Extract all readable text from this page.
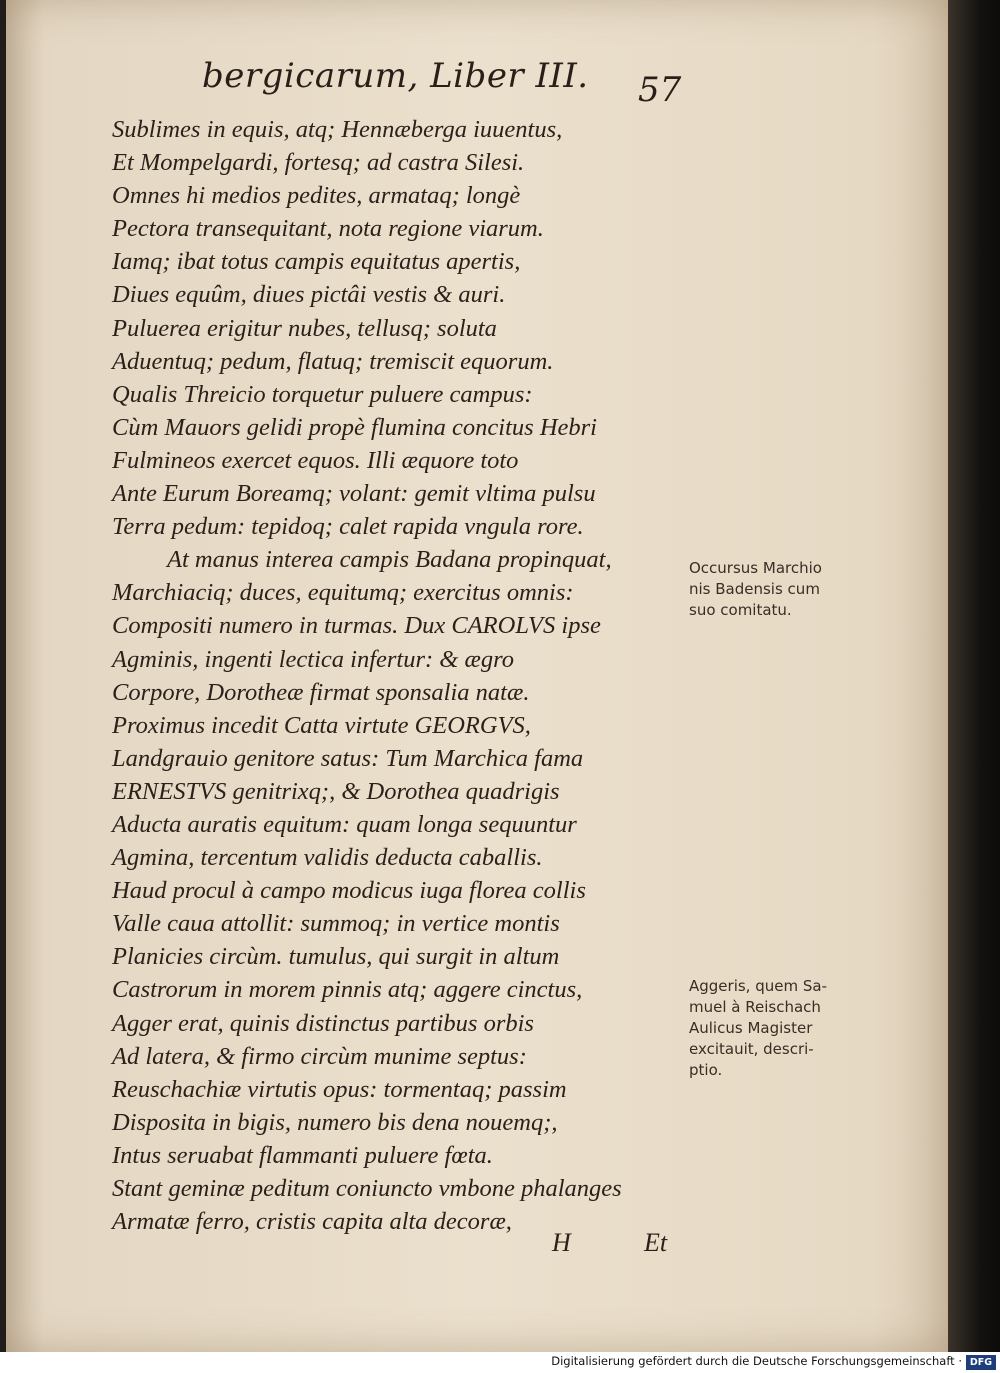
bergicarum, Liber III. 57
Sublimes in equis, atq; Hennæberga iuuentus,
Et Mompelgardi, fortesq; ad castra Silesi.
Omnes hi medios pedites, armataq; longè
Pectora transequitant, nota regione viarum.
Iamq; ibat totus campis equitatus apertis,
Diues equûm, diues pictâi vestis & auri.
Puluerea erigitur nubes, tellusq; soluta
Aduentuq; pedum, flatuq; tremiscit equorum.
Qualis Threicio torquetur puluere campus:
Cùm Mauors gelidi propè flumina concitus Hebri
Fulmineos exercet equos. Illi æquore toto
Ante Eurum Boreamq; volant: gemit vltima pulsu
Terra pedum: tepidoq; calet rapida vngula rore.
At manus interea campis Badana propinquat,
Marchiaciq; duces, equitumq; exercitus omnis:
Compositi numero in turmas. Dux CAROLVS ipse
Agminis, ingenti lectica infertur: & ægro
Corpore, Dorotheæ firmat sponsalia natæ.
Proximus incedit Catta virtute GEORGVS,
Landgrauio genitore satus: Tum Marchica fama
ERNESTVS genitrixq;, & Dorothea quadrigis
Aducta auratis equitum: quam longa sequuntur
Agmina, tercentum validis deducta caballis.
Haud procul à campo modicus iuga florea collis
Valle caua attollit: summoq; in vertice montis
Planicies circùm. tumulus, qui surgit in altum
Castrorum in morem pinnis atq; aggere cinctus,
Agger erat, quinis distinctus partibus orbis
Ad latera, & firmo circùm munime septus:
Reuschachiæ virtutis opus: tormentaq; passim
Disposita in bigis, numero bis dena nouemq;,
Intus seruabat flammanti puluere fœta.
Stant geminæ peditum coniuncto vmbone phalanges
Armatæ ferro, cristis capita alta decoræ,
Occursus Marchio
nis Badensis cum
suo comitatu.
Aggeris, quem Sa-
muel à Reischach
Aulicus Magister
excitauit, descri-
ptio.
H	Et
Digitalisierung gefördert durch die Deutsche Forschungsgemeinschaft · DFG
